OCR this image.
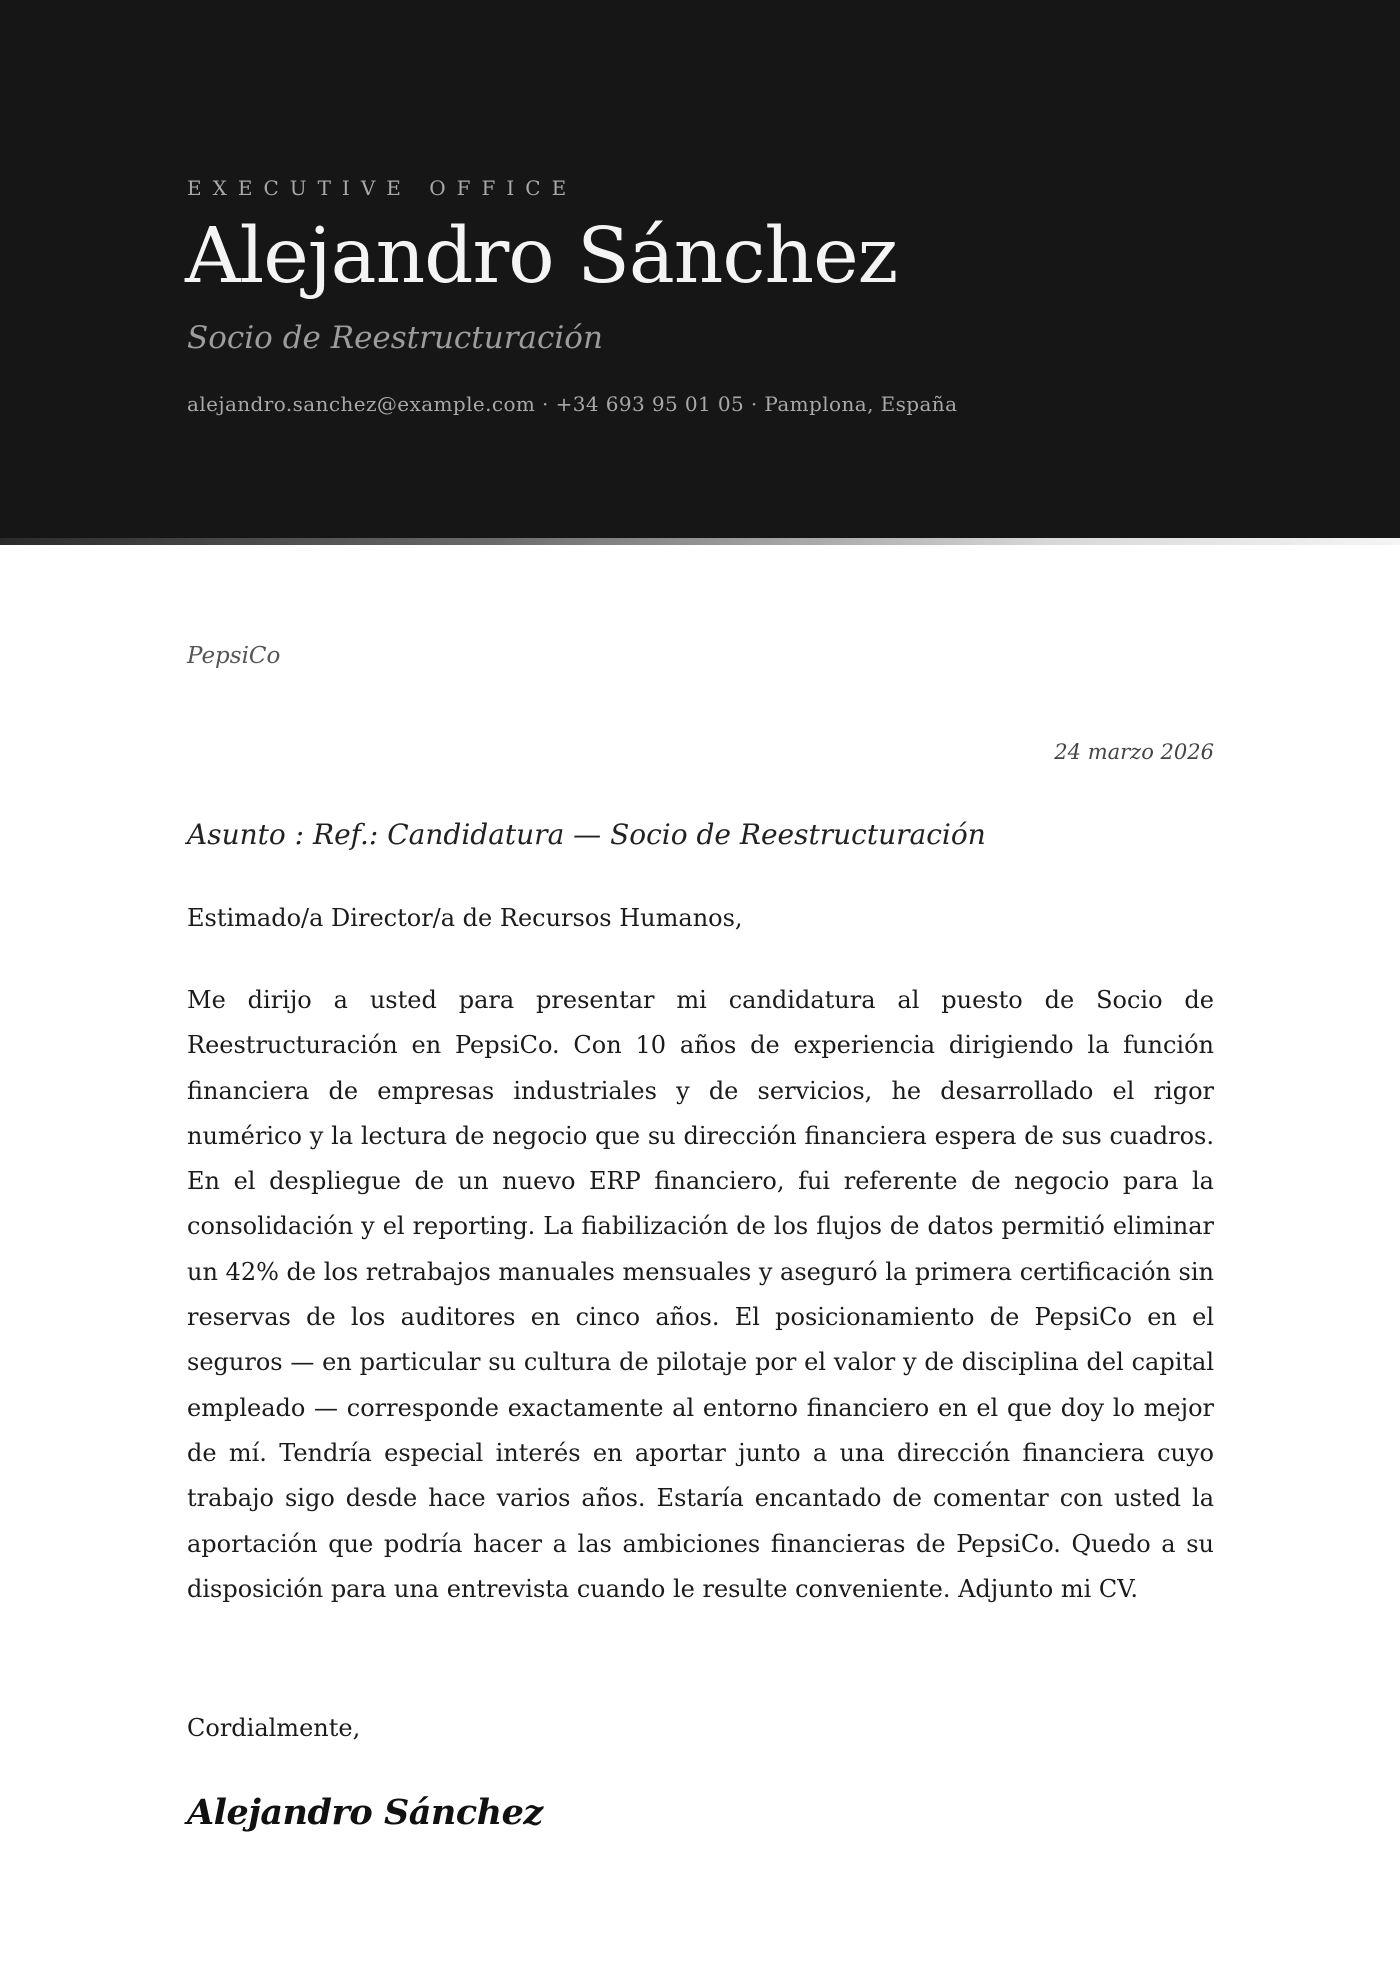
EXECUTIVE OFFICE
Alejandro Sánchez
Socio de Reestructuración
alejandro.sanchez@example.com · +34 693 95 01 05 · Pamplona, España
PepsiCo
24 marzo 2026
Asunto : Ref.: Candidatura — Socio de Reestructuración
Estimado/a Director/a de Recursos Humanos,

Me dirijo a usted para presentar mi candidatura al puesto de Socio de Reestructuración en PepsiCo. Con 10 años de experiencia dirigiendo la función financiera de empresas industriales y de servicios, he desarrollado el rigor numérico y la lectura de negocio que su dirección financiera espera de sus cuadros. En el despliegue de un nuevo ERP financiero, fui referente de negocio para la consolidación y el reporting. La fiabilización de los flujos de datos permitió eliminar un 42% de los retrabajos manuales mensuales y aseguró la primera certificación sin reservas de los auditores en cinco años. El posicionamiento de PepsiCo en el seguros — en particular su cultura de pilotaje por el valor y de disciplina del capital empleado — corresponde exactamente al entorno financiero en el que doy lo mejor de mí. Tendría especial interés en aportar junto a una dirección financiera cuyo trabajo sigo desde hace varios años. Estaría encantado de comentar con usted la aportación que podría hacer a las ambiciones financieras de PepsiCo. Quedo a su disposición para una entrevista cuando le resulte conveniente. Adjunto mi CV.

Cordialmente,
Alejandro Sánchez
